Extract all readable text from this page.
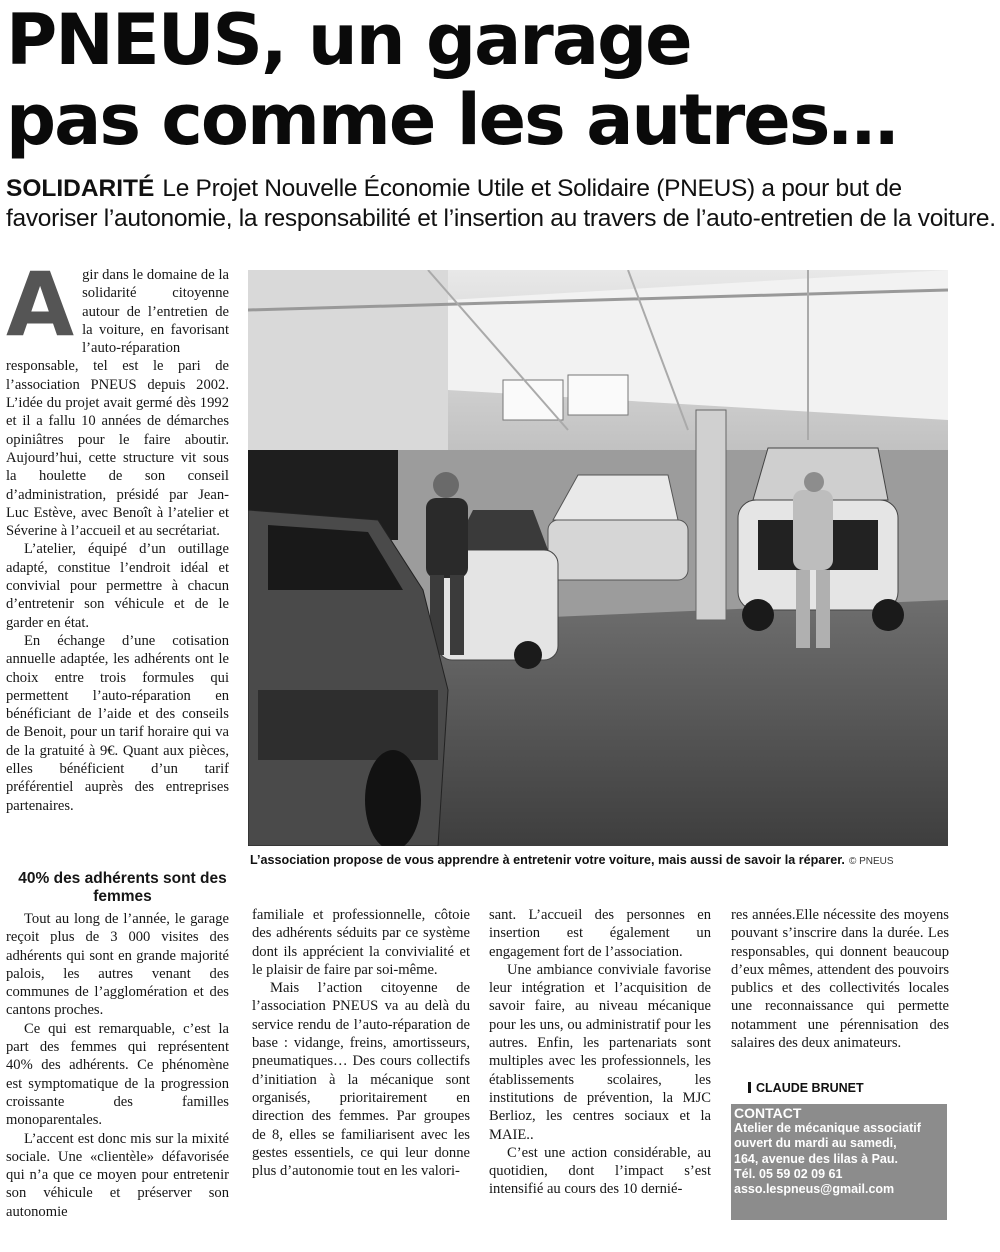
PNEUS, un garage
pas comme les autres…
SOLIDARITÉ Le Projet Nouvelle Économie Utile et Solidaire (PNEUS) a pour but de favoriser l’autonomie, la responsabilité et l’insertion au travers de l’auto-entretien de la voiture.

Agir dans le domaine de la solidarité citoyenne autour de l’entretien de la voiture, en favorisant l’auto-réparation responsable, tel est le pari de l’association PNEUS depuis 2002. L’idée du projet avait germé dès 1992 et il a fallu 10 années de démarches opiniâtres pour le faire aboutir. Aujourd’hui, cette structure vit sous la houlette de son conseil d’administration, présidé par Jean-Luc Estève, avec Benoît à l’atelier et Séverine à l’accueil et au secrétariat.

L’atelier, équipé d’un outillage adapté, constitue l’endroit idéal et convivial pour permettre à chacun d’entretenir son véhicule et de le garder en état.

En échange d’une cotisation annuelle adaptée, les adhérents ont le choix entre trois formules qui permettent l’auto-réparation en bénéficiant de l’aide et des conseils de Benoit, pour un tarif horaire qui va de la gratuité à 9€. Quant aux pièces, elles bénéficient d’un tarif préférentiel auprès des entreprises partenaires.

40% des adhérents sont des femmes

Tout au long de l’année, le garage reçoit plus de 3 000 visites des adhérents qui sont en grande majorité palois, les autres venant des communes de l’agglomération et des cantons proches.

Ce qui est remarquable, c’est la part des femmes qui représentent 40% des adhérents. Ce phénomène est symptomatique de la progression croissante des familles monoparentales.

L’accent est donc mis sur la mixité sociale. Une «clientèle» défavorisée qui n’a que ce moyen pour entretenir son véhicule et préserver son autonomie

familiale et professionnelle, côtoie des adhérents séduits par ce système dont ils apprécient la convivialité et le plaisir de faire par soi-même.

Mais l’action citoyenne de l’association PNEUS va au delà du service rendu de l’auto-réparation de base : vidange, freins, amortisseurs, pneumatiques… Des cours collectifs d’initiation à la mécanique sont organisés, prioritairement en direction des femmes. Par groupes de 8, elles se familiarisent avec les gestes essentiels, ce qui leur donne plus d’autonomie tout en les valori-

sant. L’accueil des personnes en insertion est également un engagement fort de l’association.

Une ambiance conviviale favorise leur intégration et l’acquisition de savoir faire, au niveau mécanique pour les uns, ou administratif pour les autres. Enfin, les partenariats sont multiples avec les professionnels, les établissements scolaires, les institutions de prévention, la MJC Berlioz, les centres sociaux et la MAIE..

C’est une action considérable, au quotidien, dont l’impact s’est intensifié au cours des 10 dernié-

res années.Elle nécessite des moyens pouvant s’inscrire dans la durée. Les responsables, qui donnent beaucoup d’eux mêmes, attendent des pouvoirs publics et des collectivités locales une reconnaissance qui permette notamment une pérennisation des salaires des deux animateurs.

CLAUDE BRUNET
L’association propose de vous apprendre à entretenir votre voiture, mais aussi de savoir la réparer. © PNEUS
CONTACT
Atelier de mécanique associatif
ouvert du mardi au samedi,
164, avenue des lilas à Pau.
Tél. 05 59 02 09 61
asso.lespneus@gmail.com
